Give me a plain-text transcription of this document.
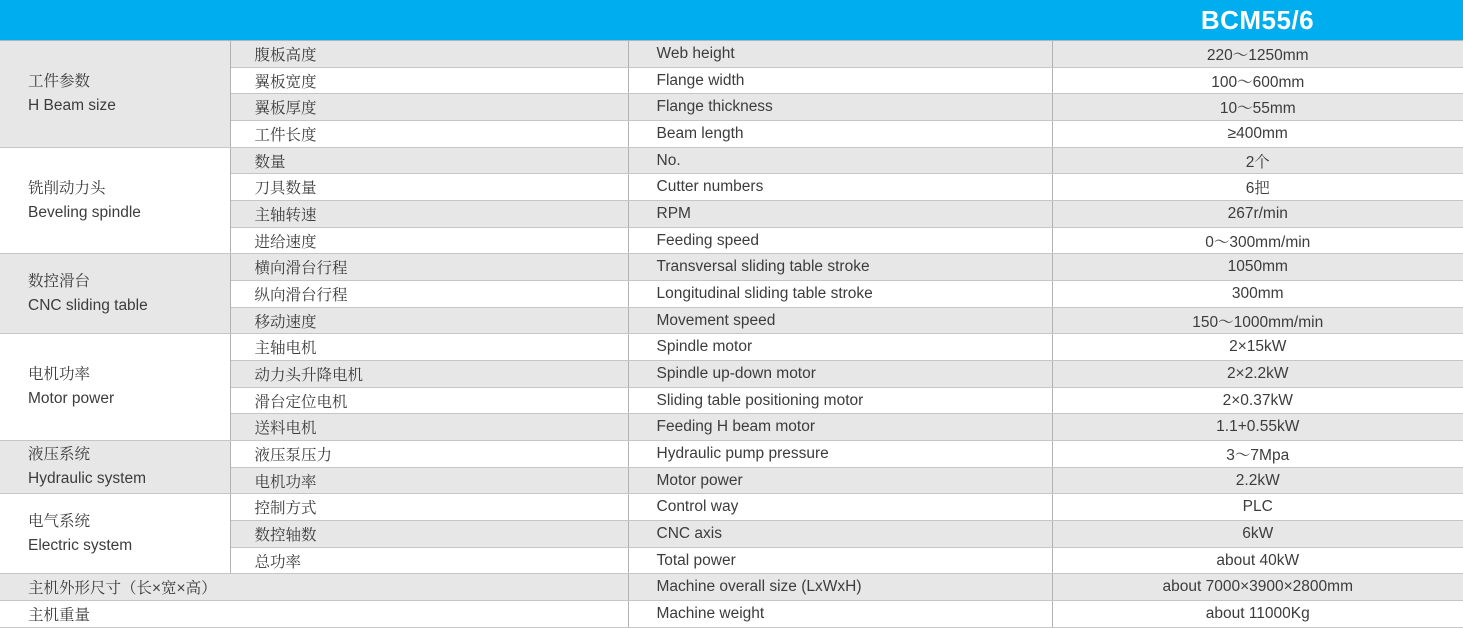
BCM55/6
工件参数
H Beam size	腹板高度	Web height	220～1250mm
	翼板宽度	Flange width	100～600mm
	翼板厚度	Flange thickness	10～55mm
	工件长度	Beam length	≥400mm

铣削动力头
Beveling spindle	数量	No.	2个
	刀具数量	Cutter numbers	6把
	主轴转速	RPM	267r/min
	进给速度	Feeding speed	0～300mm/min

数控滑台
CNC sliding table	横向滑台行程	Transversal sliding table stroke	1050mm
	纵向滑台行程	Longitudinal sliding table stroke	300mm
	移动速度	Movement speed	150～1000mm/min

电机功率
Motor power	主轴电机	Spindle motor	2×15kW
	动力头升降电机	Spindle up-down motor	2×2.2kW
	滑台定位电机	Sliding table positioning motor	2×0.37kW
	送料电机	Feeding H beam motor	1.1+0.55kW

液压系统
Hydraulic system	液压泵压力	Hydraulic pump pressure	3～7Mpa
	电机功率	Motor power	2.2kW

电气系统
Electric system	控制方式	Control way	PLC
	数控轴数	CNC axis	6kW
	总功率	Total power	about 40kW
主机外形尺寸（长×宽×高）		Machine overall size (LxWxH)	about 7000×3900×2800mm
主机重量		Machine weight	about 11000Kg
